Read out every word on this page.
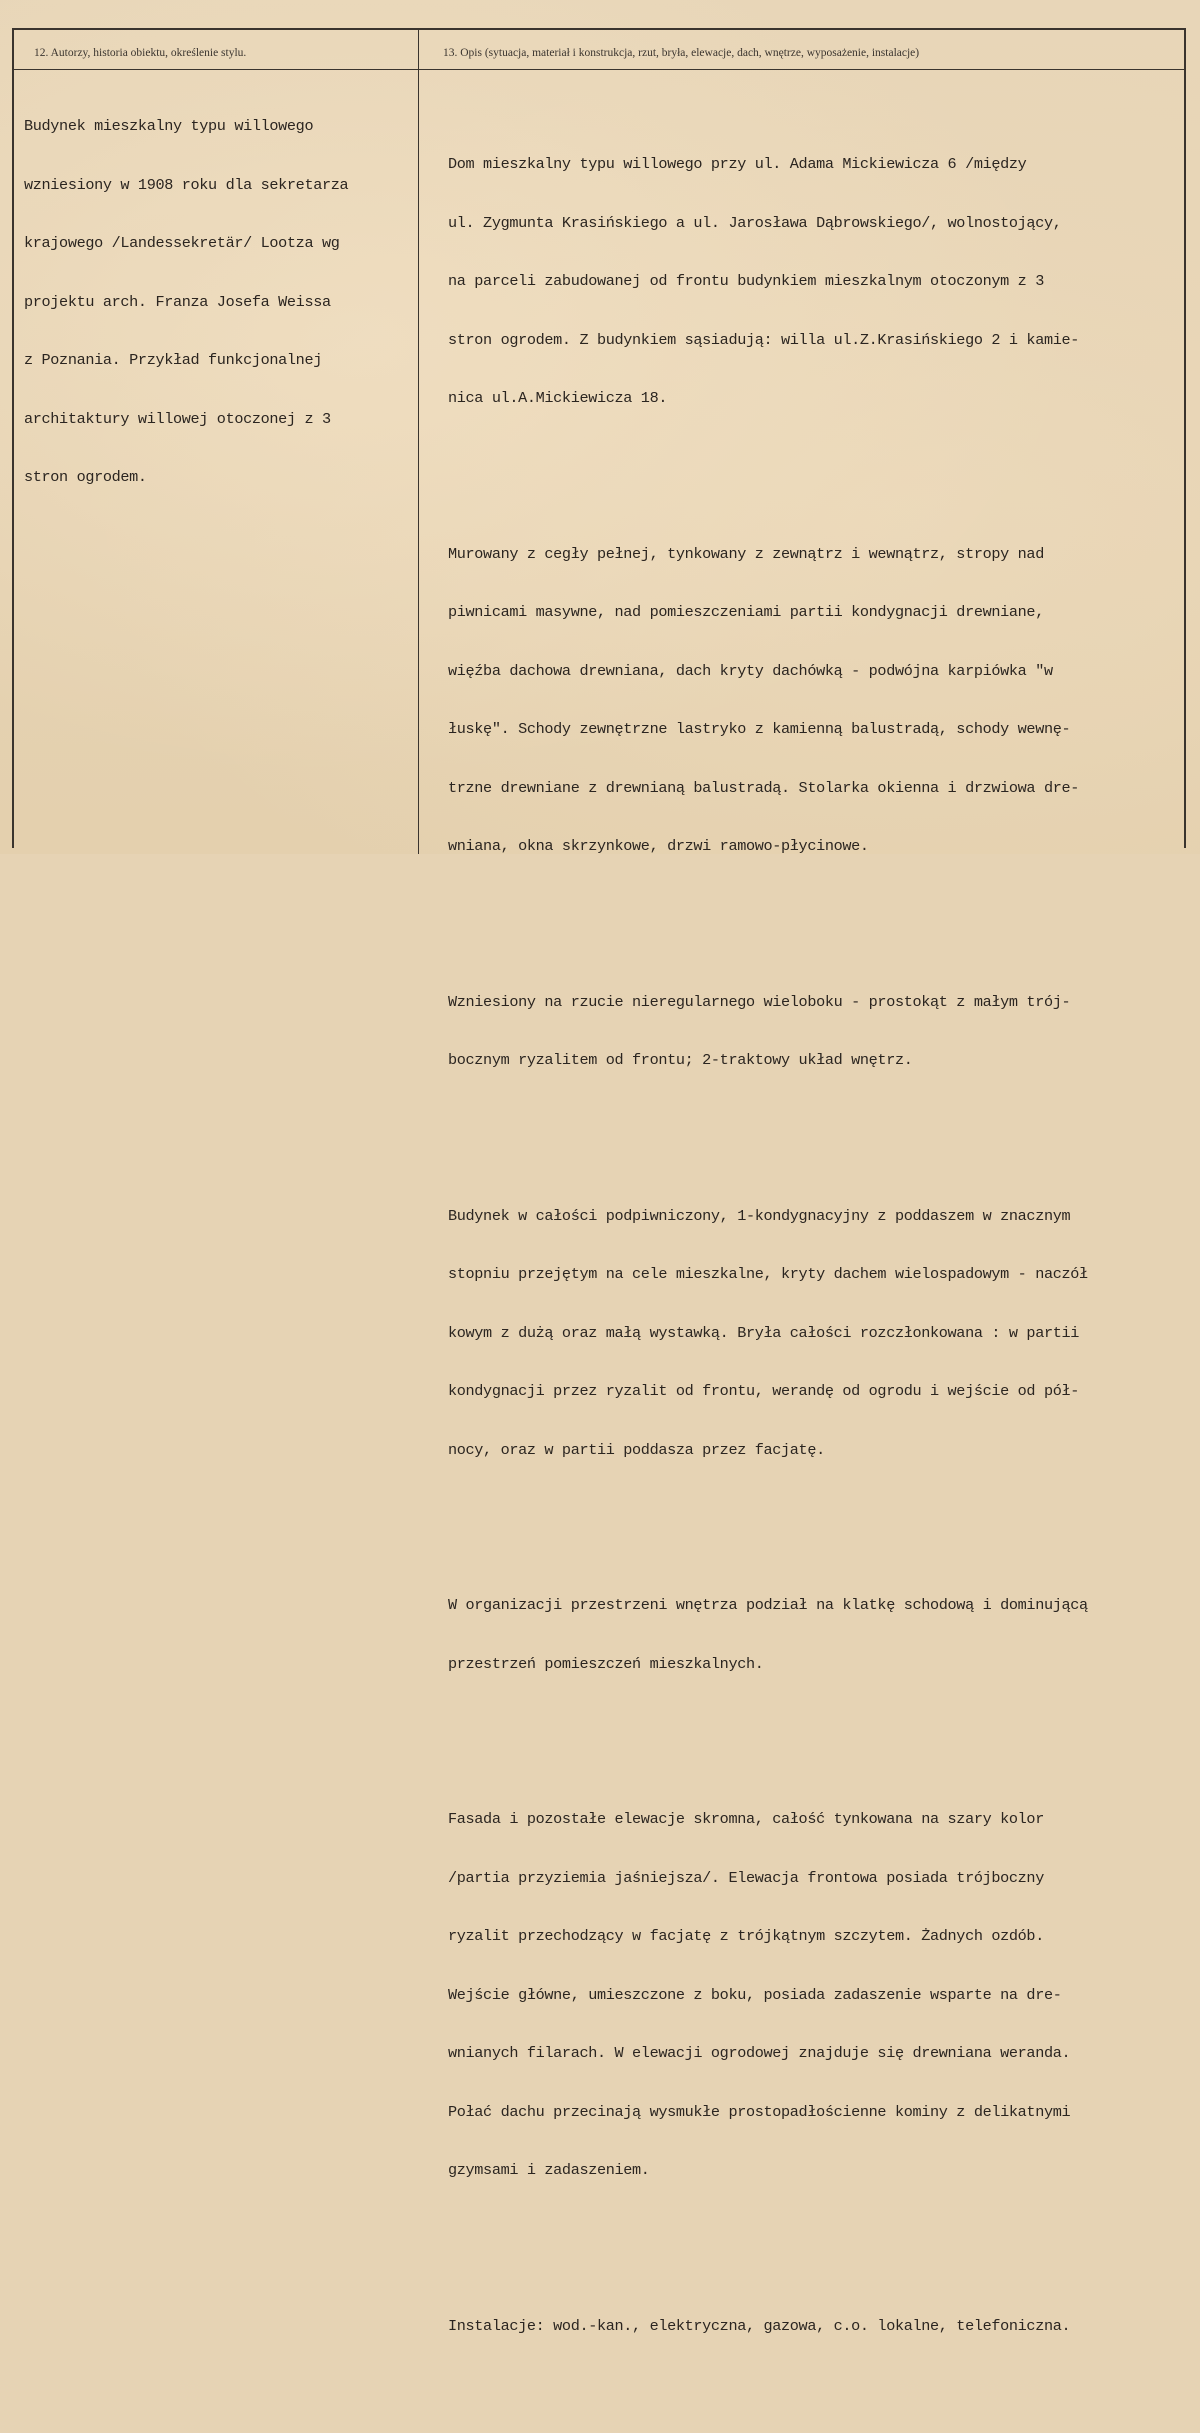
12. Autorzy, historia obiektu, określenie stylu.	13. Opis (sytuacja, materiał i konstrukcja, rzut, bryła, elewacje, dach, wnętrze, wyposażenie, instalacje)

Budynek mieszkalny typu willowego

wzniesiony w 1908 roku dla sekretarza

krajowego /Landessekretär/ Lootza wg

projektu arch. Franza Josefa Weissa

z Poznania. Przykład funkcjonalnej

architaktury willowej otoczonej z 3

stron ogrodem.

Dom mieszkalny typu willowego przy ul. Adama Mickiewicza 6 /między

ul. Zygmunta Krasińskiego a ul. Jarosława Dąbrowskiego/, wolnostojący,

na parceli zabudowanej od frontu budynkiem mieszkalnym otoczonym z 3

stron ogrodem. Z budynkiem sąsiadują: willa ul.Z.Krasińskiego 2 i kamie-

nica ul.A.Mickiewicza 18.

Murowany z cegły pełnej, tynkowany z zewnątrz i wewnątrz, stropy nad

piwnicami masywne, nad pomieszczeniami partii kondygnacji drewniane,

więźba dachowa drewniana, dach kryty dachówką - podwójna karpiówka "w

łuskę". Schody zewnętrzne lastryko z kamienną balustradą, schody wewnę-

trzne drewniane z drewnianą balustradą. Stolarka okienna i drzwiowa dre-

wniana, okna skrzynkowe, drzwi ramowo-płycinowe.

Wzniesiony na rzucie nieregularnego wieloboku - prostokąt z małym trój-

bocznym ryzalitem od frontu; 2-traktowy układ wnętrz.

Budynek w całości podpiwniczony, 1-kondygnacyjny z poddaszem w znacznym

stopniu przejętym na cele mieszkalne, kryty dachem wielospadowym - naczół

kowym z dużą oraz małą wystawką. Bryła całości rozczłonkowana : w partii

kondygnacji przez ryzalit od frontu, werandę od ogrodu i wejście od pół-

nocy, oraz w partii poddasza przez facjatę.

W organizacji przestrzeni wnętrza podział na klatkę schodową i dominującą

przestrzeń pomieszczeń mieszkalnych.

Fasada i pozostałe elewacje skromna, całość tynkowana na szary kolor

/partia przyziemia jaśniejsza/. Elewacja frontowa posiada trójboczny

ryzalit przechodzący w facjatę z trójkątnym szczytem. Żadnych ozdób.

Wejście główne, umieszczone z boku, posiada zadaszenie wsparte na dre-

wnianych filarach. W elewacji ogrodowej znajduje się drewniana weranda.

Połać dachu przecinają wysmukłe prostopadłościenne kominy z delikatnymi

gzymsami i zadaszeniem.

Instalacje: wod.-kan., elektryczna, gazowa, c.o. lokalne, telefoniczna.
